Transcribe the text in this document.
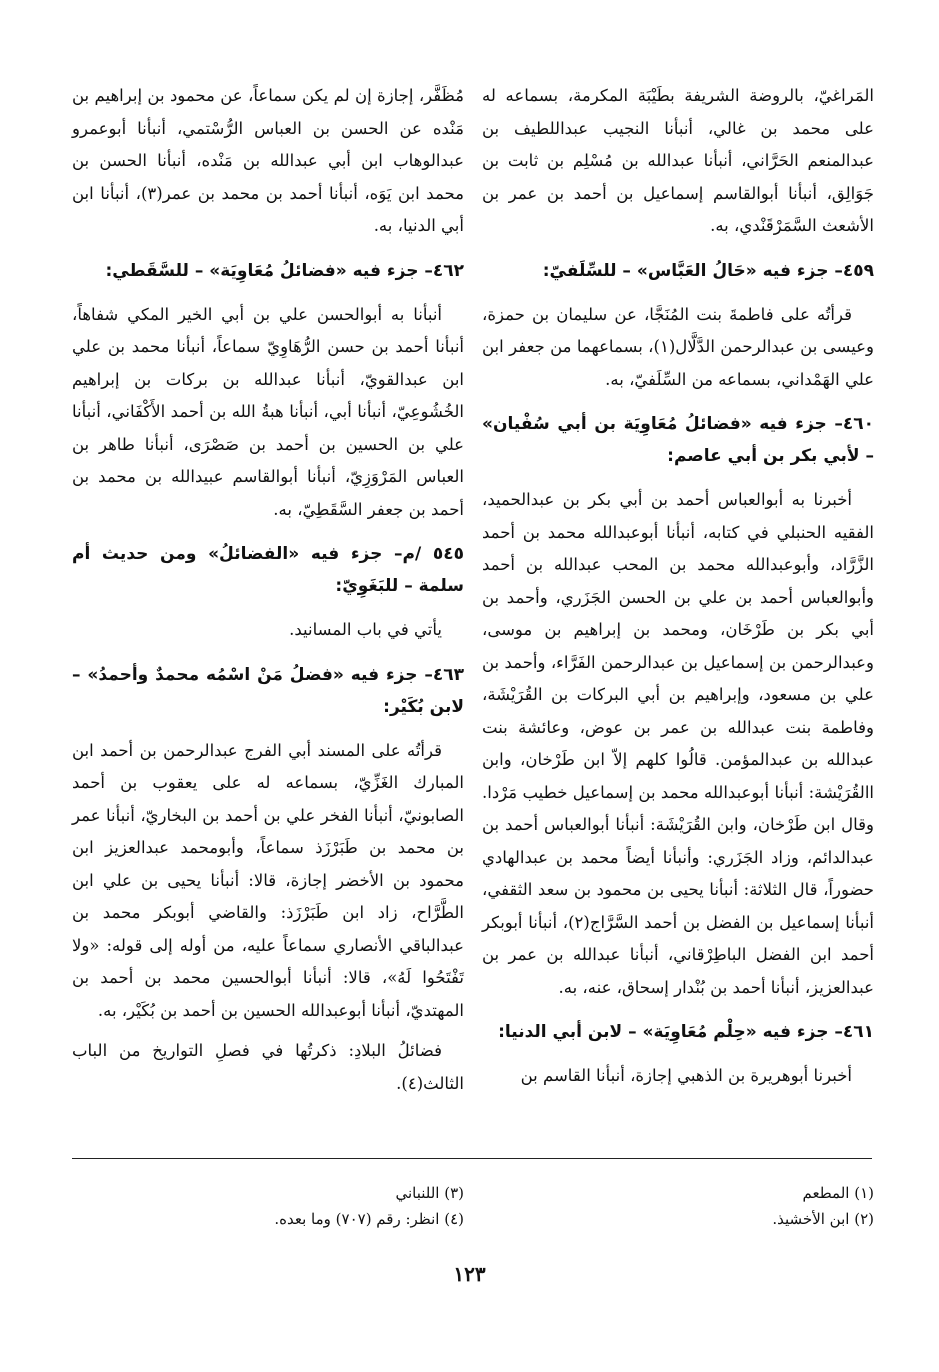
المَراغيّ، بالروضة الشريفة بطَيْبَة المكرمة، بسماعه له على محمد بن غالي، أنبأنا النجيب عبداللطيف بن عبدالمنعم الحَرَّاني، أنبأنا عبدالله بن مُسْلِم بن ثابت بن جَوَالِق، أنبأنا أبوالقاسم إسماعيل بن أحمد بن عمر بن الأشعث السَّمَرْقَنْدي، به.

٤٥٩– جزء فيه «حَالُ العَبَّاس» – للسِّلَفيّ:

قرأتُه على فاطمةَ بنت المُنَجَّا، عن سليمان بن حمزة، وعيسى بن عبدالرحمن الدَّلَّال(١)، بسماعهما من جعفر ابن علي الهَمْداني، بسماعه من السِّلَفيّ، به.

٤٦٠– جزء فيه «فضائلُ مُعَاوِيَة بن أبي سُفْيان» – لأبي بكر بن أبي عاصم:

أخبرنا به أبوالعباس أحمد بن أبي بكر بن عبدالحميد، الفقيه الحنبلي في كتابه، أنبأنا أبوعبدالله محمد بن أحمد الزَّرَّاد، وأبوعبدالله محمد بن المحب عبدالله بن أحمد وأبوالعباس أحمد بن علي بن الحسن الجَزَري، وأحمد بن أبي بكر بن طَرْخَان، ومحمد بن إبراهيم بن موسى، وعبدالرحمن بن إسماعيل بن عبدالرحمن الفَرَّاء، وأحمد بن علي بن مسعود، وإبراهيم بن أبي البركات بن القُرَيْشَة، وفاطمة بنت عبدالله بن عمر بن عوض، وعائشة بنت عبدالله بن عبدالمؤمن. قالُوا كلهم إلاّ ابن طَرْخان، وابن االقُرَيْشة: أنبأنا أبوعبدالله محمد بن إسماعيل خطيب مَرْدا. وقال ابن طَرْخان، وابن القُرَيْشَة: أنبأنا أبوالعباس أحمد بن عبدالدائم، وزاد الجَزَري: وأنبأنا أيضاً محمد بن عبدالهادي حضوراً، قال الثلاثة: أنبأنا يحيى بن محمود بن سعد الثقفي، أنبأنا إسماعيل بن الفضل بن أحمد السَّرَّاج(٢)، أنبأنا أبوبكر أحمد ابن الفضل الباطِرْقاني، أنبأنا عبدالله بن عمر بن عبدالعزيز، أنبأنا أحمد بن بُنْدار إسحاق، عنه، به.

٤٦١– جزء فيه «حِلْم مُعَاوِيَة» – لابن أبي الدنيا:

أخبرنا أبوهريرة بن الذهبي إجازة، أنبأنا القاسم بن

مُظَفَّر، إجازة إن لم يكن سماعاً، عن محمود بن إبراهيم بن مَنْده عن الحسن بن العباس الرُّسْتمي، أنبأنا أبوعمرو عبدالوهاب ابن أبي عبدالله بن مَنْده، أنبأنا الحسن بن محمد ابن يَوَه، أنبأنا أحمد بن محمد بن عمر(٣)، أنبأنا ابن أبي الدنيا، به.

٤٦٢– جزء فيه «فضائلُ مُعَاوِيَة» – للسَّقَطي:

أنبأنا به أبوالحسن علي بن أبي الخير المكي شفاهاً، أنبأنا أحمد بن حسن الرُّهَاوِيّ سماعاً، أنبأنا محمد بن علي ابن عبدالقويّ، أنبأنا عبدالله بن بركات بن إبراهيم الخُشُوعِيّ، أنبأنا أبي، أنبأنا هبةُ الله بن أحمد الأَكْفَاني، أنبأنا علي بن الحسين بن أحمد بن صَصْرَى، أنبأنا طاهر بن العباس المَرْوَزِيّ، أنبأنا أبوالقاسم عبيدالله بن محمد بن أحمد بن جعفر السَّقَطِيّ، به.

٥٤٥ /م– جزء فيه «الفضائلُ» ومن حديث أم سلمة – للبَغَوِيّ:

يأتي في باب المسانيد.

٤٦٣– جزء فيه «فضلُ مَنْ اسْمُه محمدٌ وأحمدُ» – لابن بُكَيْر:

قرأتُه على المسند أبي الفرج عبدالرحمن بن أحمد ابن المبارك الغَزِّيّ، بسماعه له على يعقوب بن أحمد الصابونيّ، أنبأنا الفخر علي بن أحمد بن البخاريّ، أنبأنا عمر بن محمد بن طَبَرْزَذ سماعاً، وأبومحمد عبدالعزيز ابن محمود بن الأخضر إجازة، قالا: أنبأنا يحيى بن علي ابن الطَّرَّاح، زاد ابن طَبَرْزَذ: والقاضي أبوبكر محمد بن عبدالباقي الأنصاري سماعاً عليه، من أوله إلى قوله: «ولا تَفْتَحُوا لَهُ»، قالا: أنبأنا أبوالحسين محمد بن أحمد بن المهتديّ، أنبأنا أبوعبدالله الحسين بن أحمد بن بُكَيْر، به.

فضائلُ البلادِ: ذكرتُها في فصلِ التواريخ من الباب الثالث(٤).

(١) المطعم
(٢) ابن الأخشيذ.
(٣) اللنباني
(٤) انظر: رقم (٧٠٧) وما بعده.
١٢٣
